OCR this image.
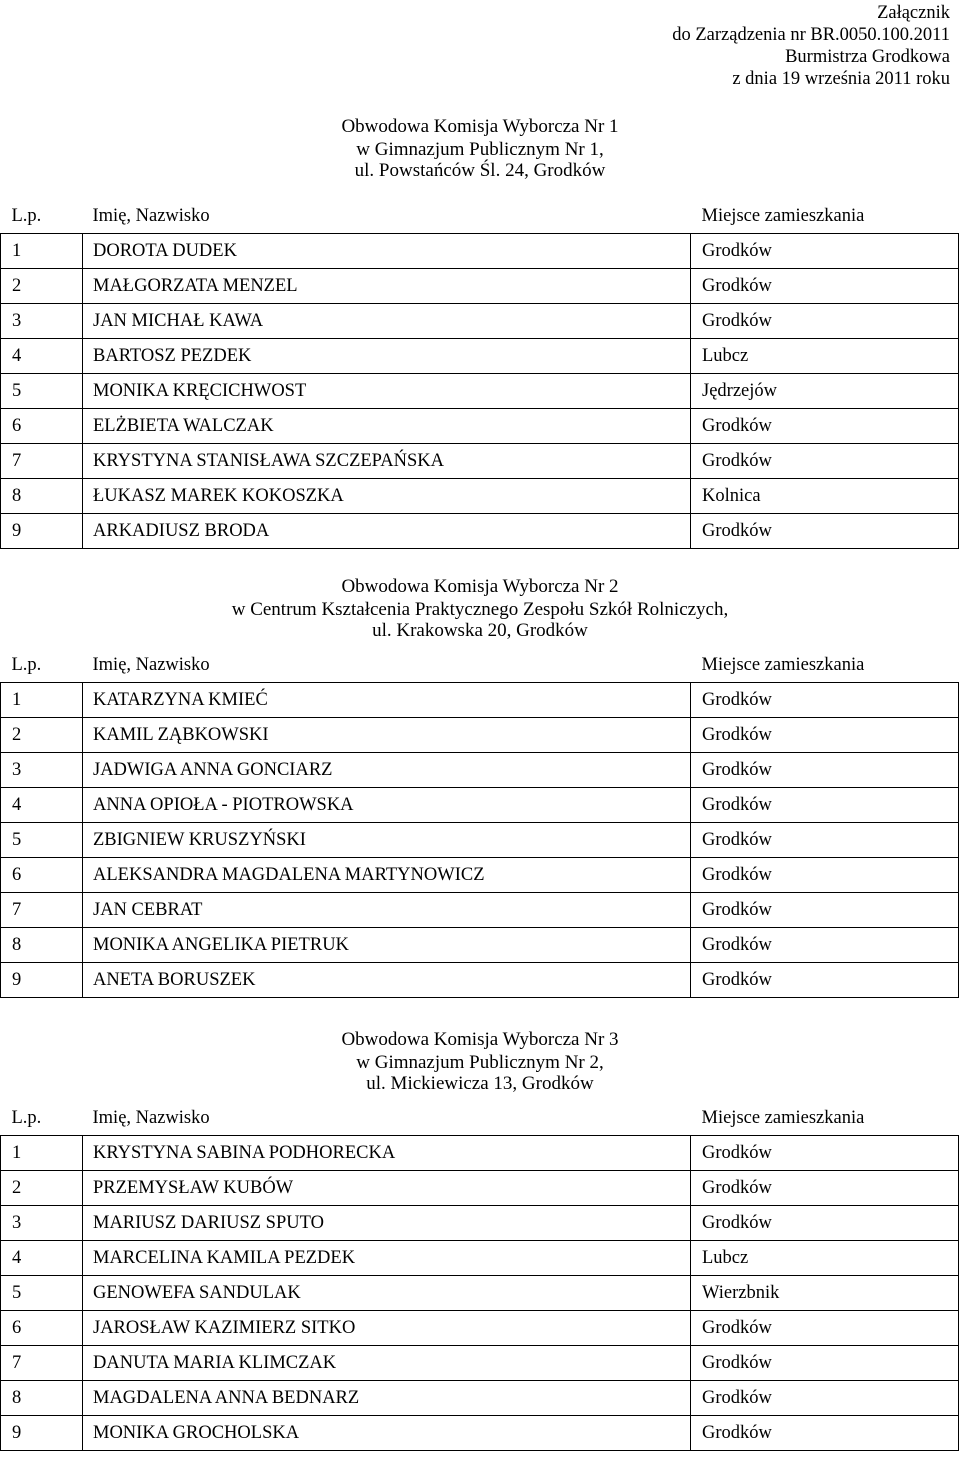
Załącznik
do Zarządzenia nr BR.0050.100.2011
Burmistrza Grodkowa
z dnia 19 września 2011 roku
Obwodowa Komisja Wyborcza Nr 1
w Gimnazjum Publicznym Nr 1,
ul. Powstańców Śl. 24, Grodków
L.p.	Imię, Nazwisko	Miejsce zamieszkania
1	DOROTA DUDEK	Grodków
2	MAŁGORZATA MENZEL	Grodków
3	JAN MICHAŁ KAWA	Grodków
4	BARTOSZ PEZDEK	Lubcz
5	MONIKA KRĘCICHWOST	Jędrzejów
6	ELŻBIETA WALCZAK	Grodków
7	KRYSTYNA STANISŁAWA SZCZEPAŃSKA	Grodków
8	ŁUKASZ MAREK KOKOSZKA	Kolnica
9	ARKADIUSZ BRODA	Grodków
Obwodowa Komisja Wyborcza Nr 2
w Centrum Kształcenia Praktycznego Zespołu Szkół Rolniczych,
ul. Krakowska 20, Grodków
L.p.	Imię, Nazwisko	Miejsce zamieszkania
1	KATARZYNA KMIEĆ	Grodków
2	KAMIL ZĄBKOWSKI	Grodków
3	JADWIGA ANNA GONCIARZ	Grodków
4	ANNA OPIOŁA - PIOTROWSKA	Grodków
5	ZBIGNIEW KRUSZYŃSKI	Grodków
6	ALEKSANDRA MAGDALENA MARTYNOWICZ	Grodków
7	JAN CEBRAT	Grodków
8	MONIKA ANGELIKA PIETRUK	Grodków
9	ANETA BORUSZEK	Grodków
Obwodowa Komisja Wyborcza Nr 3
w Gimnazjum Publicznym Nr 2,
ul. Mickiewicza 13, Grodków
L.p.	Imię, Nazwisko	Miejsce zamieszkania
1	KRYSTYNA SABINA PODHORECKA	Grodków
2	PRZEMYSŁAW KUBÓW	Grodków
3	MARIUSZ DARIUSZ SPUTO	Grodków
4	MARCELINA KAMILA PEZDEK	Lubcz
5	GENOWEFA SANDULAK	Wierzbnik
6	JAROSŁAW KAZIMIERZ SITKO	Grodków
7	DANUTA MARIA KLIMCZAK	Grodków
8	MAGDALENA ANNA BEDNARZ	Grodków
9	MONIKA GROCHOLSKA	Grodków
